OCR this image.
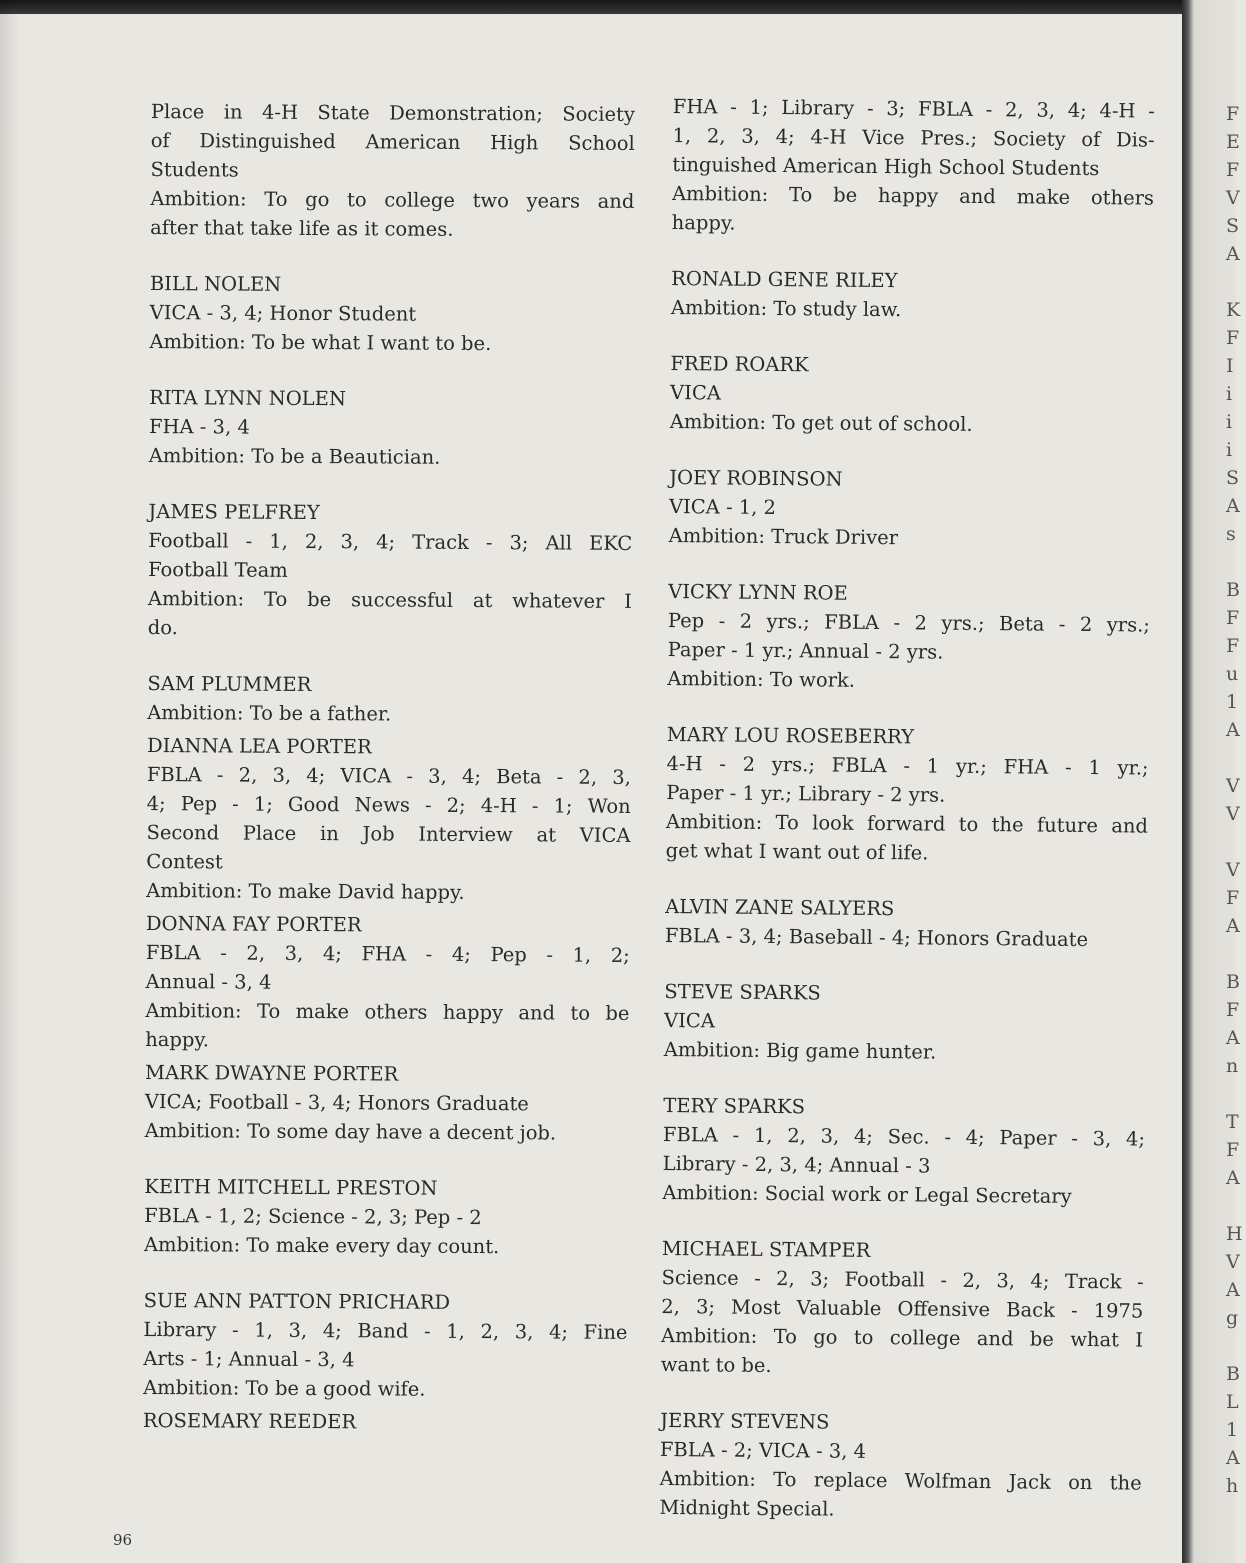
Place in 4-H State Demonstration; Society
of Distinguished American High School
Students
Ambition: To go to college two years and
after that take life as it comes.
BILL NOLEN
VICA - 3, 4; Honor Student
Ambition: To be what I want to be.
RITA LYNN NOLEN
FHA - 3, 4
Ambition: To be a Beautician.
JAMES PELFREY
Football - 1, 2, 3, 4; Track - 3; All EKC
Football Team
Ambition: To be successful at whatever I
do.
SAM PLUMMER
Ambition: To be a father.
DIANNA LEA PORTER
FBLA - 2, 3, 4; VICA - 3, 4; Beta - 2, 3,
4; Pep - 1; Good News - 2; 4-H - 1; Won
Second Place in Job Interview at VICA
Contest
Ambition: To make David happy.
DONNA FAY PORTER
FBLA - 2, 3, 4; FHA - 4; Pep - 1, 2;
Annual - 3, 4
Ambition: To make others happy and to be
happy.
MARK DWAYNE PORTER
VICA; Football - 3, 4; Honors Graduate
Ambition: To some day have a decent job.
KEITH MITCHELL PRESTON
FBLA - 1, 2; Science - 2, 3; Pep - 2
Ambition: To make every day count.
SUE ANN PATTON PRICHARD
Library - 1, 3, 4; Band - 1, 2, 3, 4; Fine
Arts - 1; Annual - 3, 4
Ambition: To be a good wife.
ROSEMARY REEDER
FHA - 1; Library - 3; FBLA - 2, 3, 4; 4-H -
1, 2, 3, 4; 4-H Vice Pres.; Society of Dis-
tinguished American High School Students
Ambition: To be happy and make others
happy.
RONALD GENE RILEY
Ambition: To study law.
FRED ROARK
VICA
Ambition: To get out of school.
JOEY ROBINSON
VICA - 1, 2
Ambition: Truck Driver
VICKY LYNN ROE
Pep - 2 yrs.; FBLA - 2 yrs.; Beta - 2 yrs.;
Paper - 1 yr.; Annual - 2 yrs.
Ambition: To work.
MARY LOU ROSEBERRY
4-H - 2 yrs.; FBLA - 1 yr.; FHA - 1 yr.;
Paper - 1 yr.; Library - 2 yrs.
Ambition: To look forward to the future and
get what I want out of life.
ALVIN ZANE SALYERS
FBLA - 3, 4; Baseball - 4; Honors Graduate
STEVE SPARKS
VICA
Ambition: Big game hunter.
TERY SPARKS
FBLA - 1, 2, 3, 4; Sec. - 4; Paper - 3, 4;
Library - 2, 3, 4; Annual - 3
Ambition: Social work or Legal Secretary
MICHAEL STAMPER
Science - 2, 3; Football - 2, 3, 4; Track -
2, 3; Most Valuable Offensive Back - 1975
Ambition: To go to college and be what I
want to be.
JERRY STEVENS
FBLA - 2; VICA - 3, 4
Ambition: To replace Wolfman Jack on the
Midnight Special.
F
E
F
V
S
A

K
F
I
i
i
i
S
A
s

B
F
F
u
1
A

V
V

V
F
A

B
F
A
n

T
F
A

H
V
A
g

B
L
1
A
h
96
